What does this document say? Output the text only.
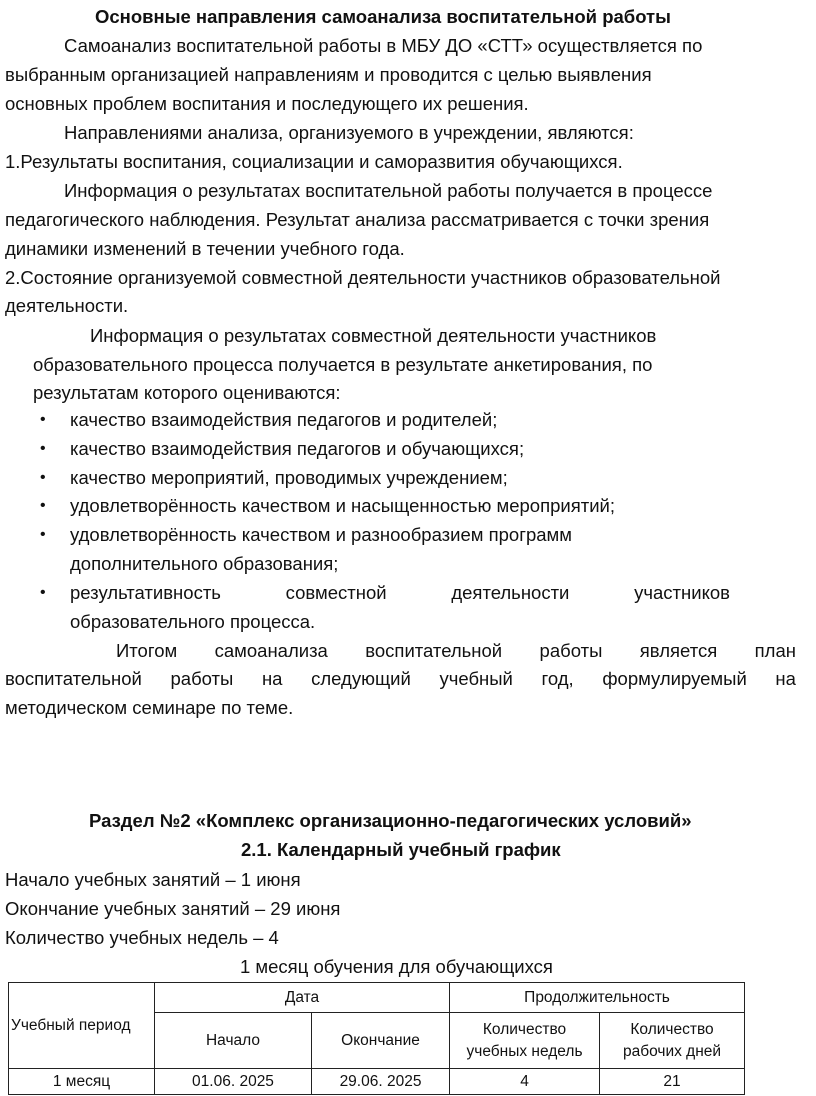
Основные направления самоанализа воспитательной работы
Самоанализ воспитательной работы в МБУ ДО «СТТ» осуществляется по
выбранным организацией направлениям и проводится с целью выявления
основных проблем воспитания и последующего их решения.
Направлениями анализа, организуемого в учреждении, являются:
1.Результаты воспитания, социализации и саморазвития обучающихся.
Информация о результатах воспитательной работы получается в процессе
педагогического наблюдения. Результат анализа рассматривается с точки зрения
динамики изменений в течении учебного года.
2.Состояние организуемой совместной деятельности участников образовательной
деятельности.
Информация о результатах совместной деятельности участников
образовательного процесса получается в результате анкетирования, по
результатам которого оцениваются:
• качество взаимодействия педагогов и родителей;
• качество взаимодействия педагогов и обучающихся;
• качество мероприятий, проводимых учреждением;
• удовлетворённость качеством и насыщенностью мероприятий;
• удовлетворённость качеством и разнообразием программ
дополнительного образования;
• результативность	совместной	деятельности	участников
образовательного процесса.
Итогом самоанализа воспитательной работы является план
воспитательной работы на следующий учебный год, формулируемый на
методическом семинаре по теме.
Раздел №2 «Комплекс организационно-педагогических условий»
2.1. Календарный учебный график
Начало учебных занятий – 1 июня
Окончание учебных занятий – 29 июня
Количество учебных недель – 4
1 месяц обучения для обучающихся
Учебный период	Дата		Продолжительность	
	Начало	Окончание	Количество учебных недель	Количество рабочих дней
1 месяц	01.06. 2025	29.06. 2025	4	21
